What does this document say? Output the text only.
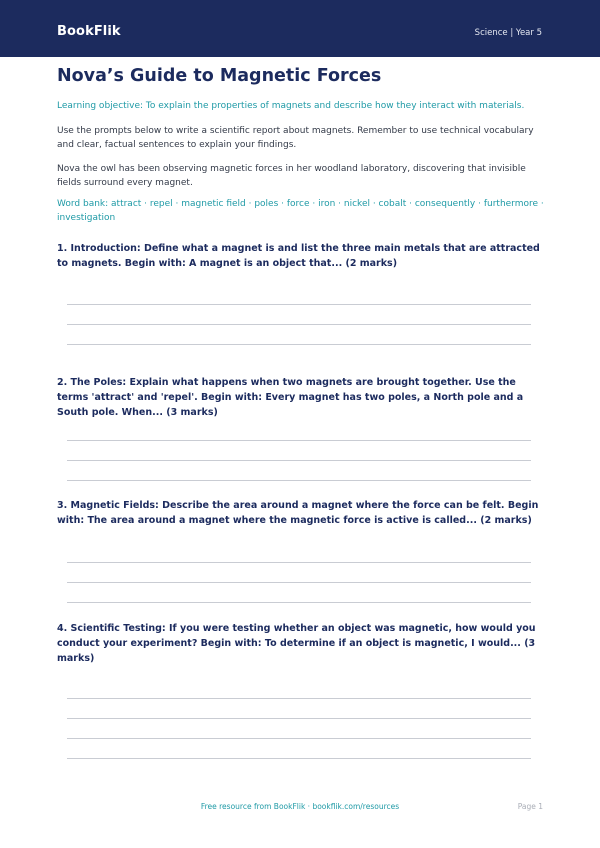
BookFlik	Science | Year 5
Nova’s Guide to Magnetic Forces
Learning objective: To explain the properties of magnets and describe how they interact with materials.
Use the prompts below to write a scientific report about magnets. Remember to use technical vocabulary and clear, factual sentences to explain your findings.
Nova the owl has been observing magnetic forces in her woodland laboratory, discovering that invisible fields surround every magnet.
Word bank: attract · repel · magnetic field · poles · force · iron · nickel · cobalt · consequently · furthermore · investigation
1. Introduction: Define what a magnet is and list the three main metals that are attracted to magnets. Begin with: A magnet is an object that... (2 marks)
2. The Poles: Explain what happens when two magnets are brought together. Use the terms 'attract' and 'repel'. Begin with: Every magnet has two poles, a North pole and a South pole. When... (3 marks)
3. Magnetic Fields: Describe the area around a magnet where the force can be felt. Begin with: The area around a magnet where the magnetic force is active is called... (2 marks)
4. Scientific Testing: If you were testing whether an object was magnetic, how would you conduct your experiment? Begin with: To determine if an object is magnetic, I would... (3 marks)
Free resource from BookFlik · bookflik.com/resources	Page 1
